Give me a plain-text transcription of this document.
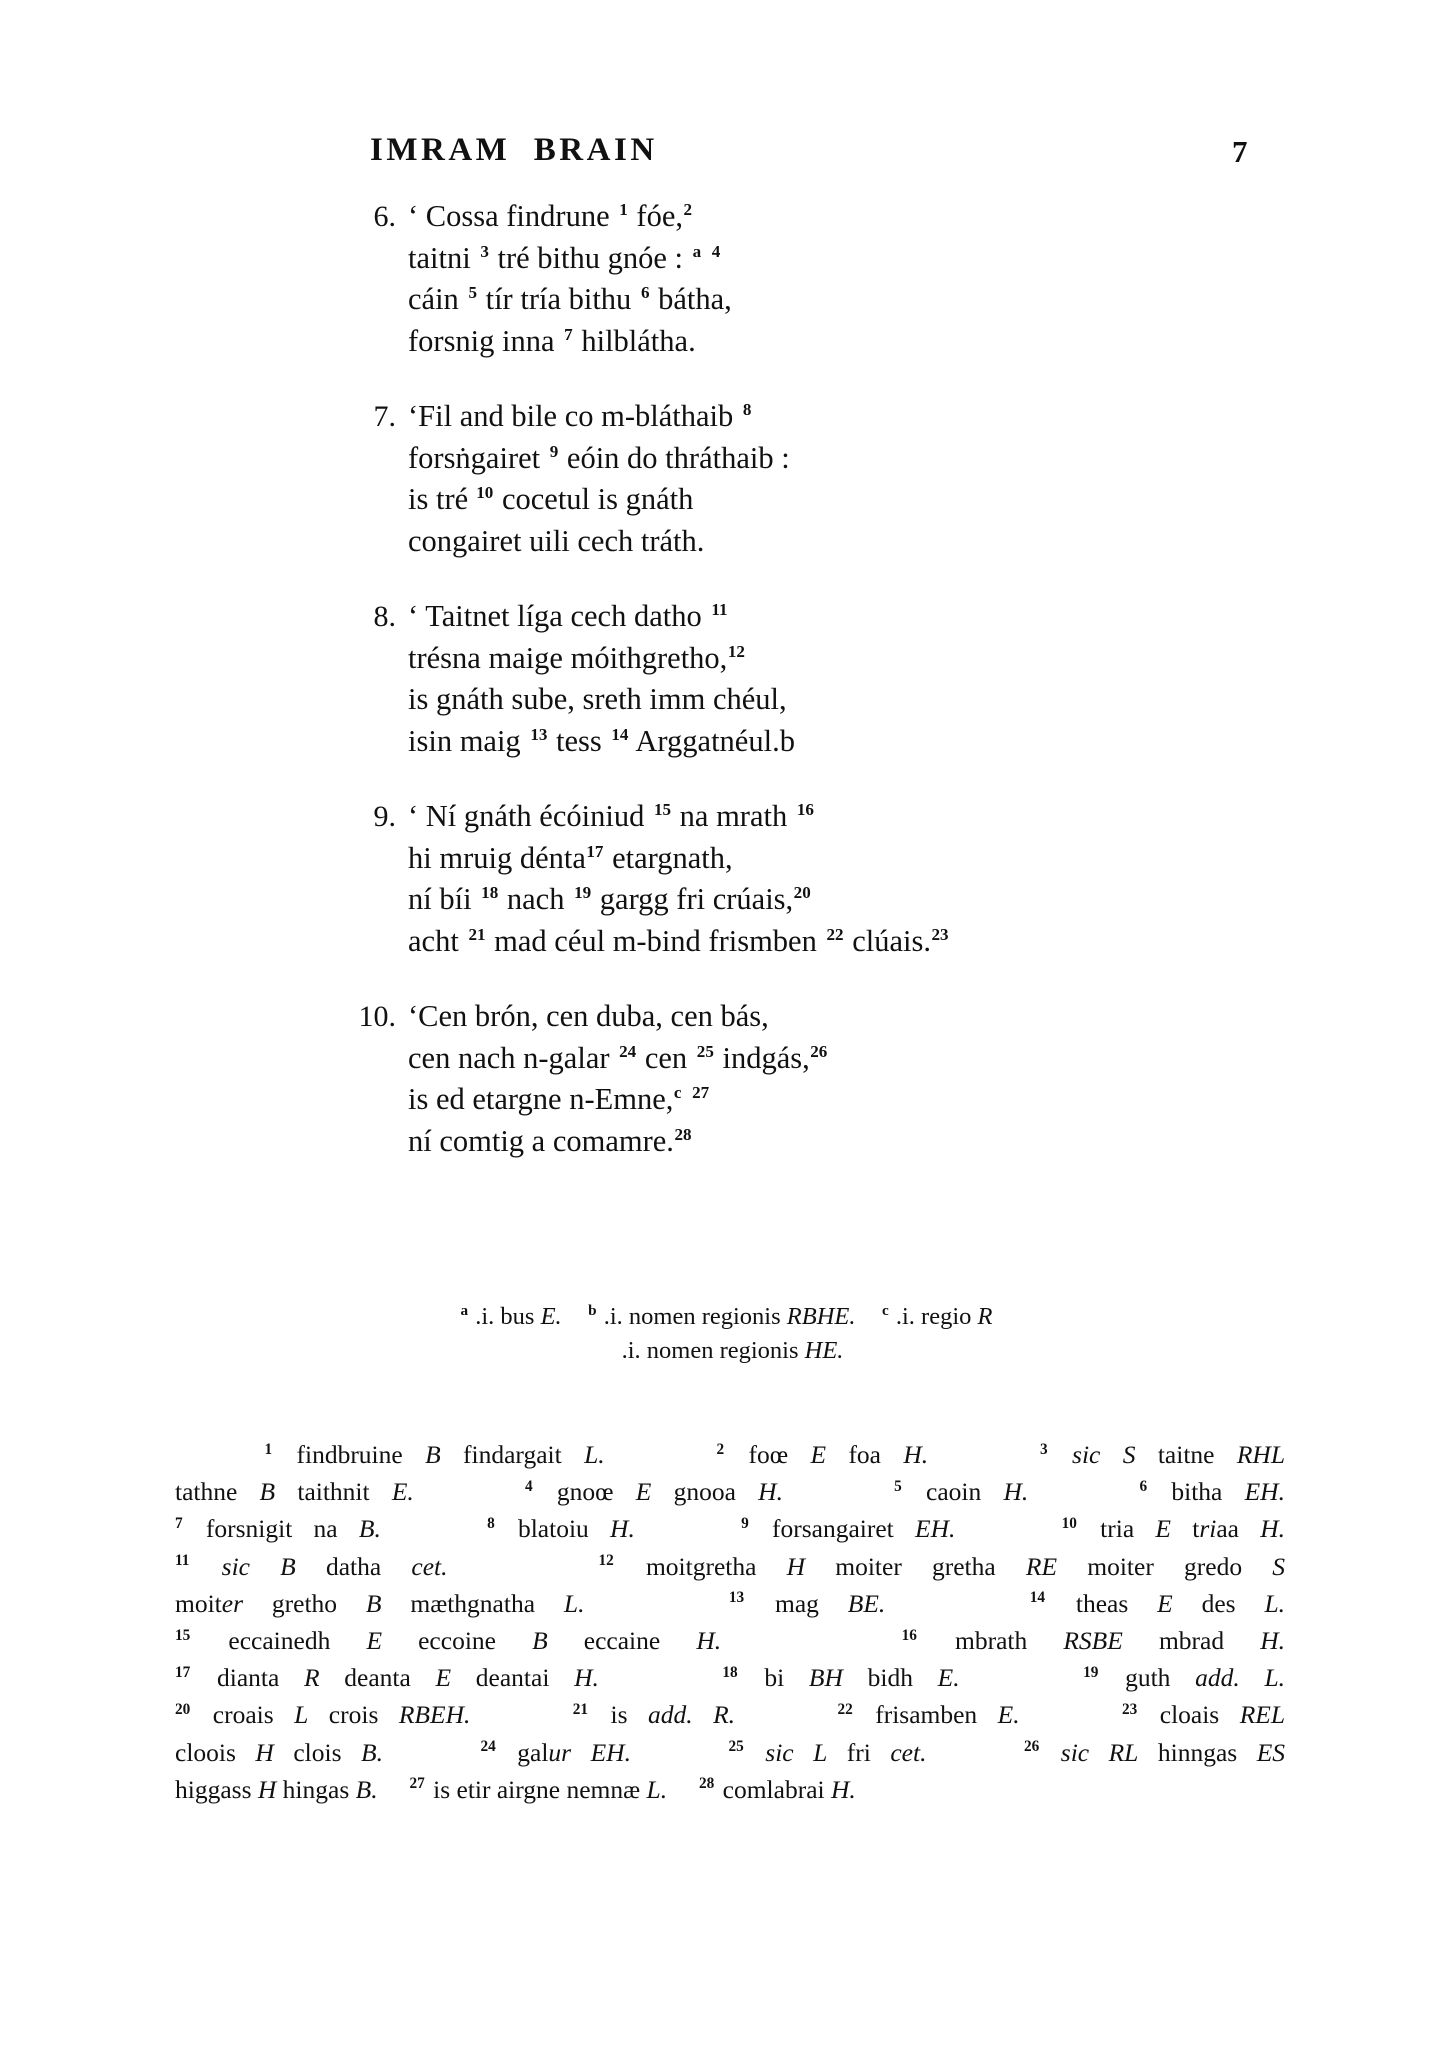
IMRAM  BRAIN	7
6. ‘ Cossa findrune $^1$ fóe,$^2$
taitni $^3$ tré bithu gnóe : $^a$ $^4$
cáin $^5$ tír tría bithu $^6$ bátha,
forsnig inna $^7$ hilblátha.
7. ‘Fil and bile co m-bláthaib $^8$
forsṅgairet $^9$ eóin do thráthaib :
is tré $^{10}$ cocetul is gnáth
congairet uili cech tráth.
8. ‘ Taitnet líga cech datho $^{11}$
trésna maige móithgretho,$^{12}$
is gnáth sube, sreth imm chéul,
isin maig $^{13}$ tess $^{14}$ Arggatnéul.b
9. ‘ Ní gnáth écóiniud $^{15}$ na mrath $^{16}$
hi mruig dénta$^{17}$ etargnath,
ní bíi $^{18}$ nach $^{19}$ gargg fri crúais,$^{20}$
acht $^{21}$ mad céul m-bind frismben $^{22}$ clúais.$^{23}$
10. ‘Cen brón, cen duba, cen bás,
cen nach n-galar $^{24}$ cen $^{25}$ indgás,$^{26}$
is ed etargne n-Emne,$^c$ $^{27}$
ní comtig a comamre.$^{28}$
$^a$ .i. bus E. $^b$ .i. nomen regionis RBHE. $^c$ .i. regio R
.i. nomen regionis HE.
$^1$ findbruine B findargait L.	$^2$ foœ E foa H.	$^3$ sic S taitne RHL
tathne B taithnit E.	$^4$ gnoœ E gnooa H.	$^5$ caoin H.	$^6$ bitha EH.
$^7$ forsnigit na B.	$^8$ blatoiu H.	$^9$ forsangairet EH.	$^{10}$ tria E triaa H.
$^{11}$ sic B datha cet.	$^{12}$ moitgretha H moiter gretha RE moiter gredo S
moiter gretho B mæthgnatha L.	$^{13}$ mag BE.	$^{14}$ theas E des L.
$^{15}$ eccainedh E eccoine B eccaine H.	$^{16}$ mbrath RSBE mbrad H.
$^{17}$ dianta R deanta E deantai H.	$^{18}$ bi BH bidh E.	$^{19}$ guth add. L.
$^{20}$ croais L crois RBEH.	$^{21}$ is add. R.	$^{22}$ frisamben E.	$^{23}$ cloais REL
cloois H clois B.	$^{24}$ galur EH.	$^{25}$ sic L fri cet.	$^{26}$ sic RL hinngas ES
higgass H hingas B. $^{27}$ is etir airgne nemnæ L. $^{28}$ comlabrai H.
